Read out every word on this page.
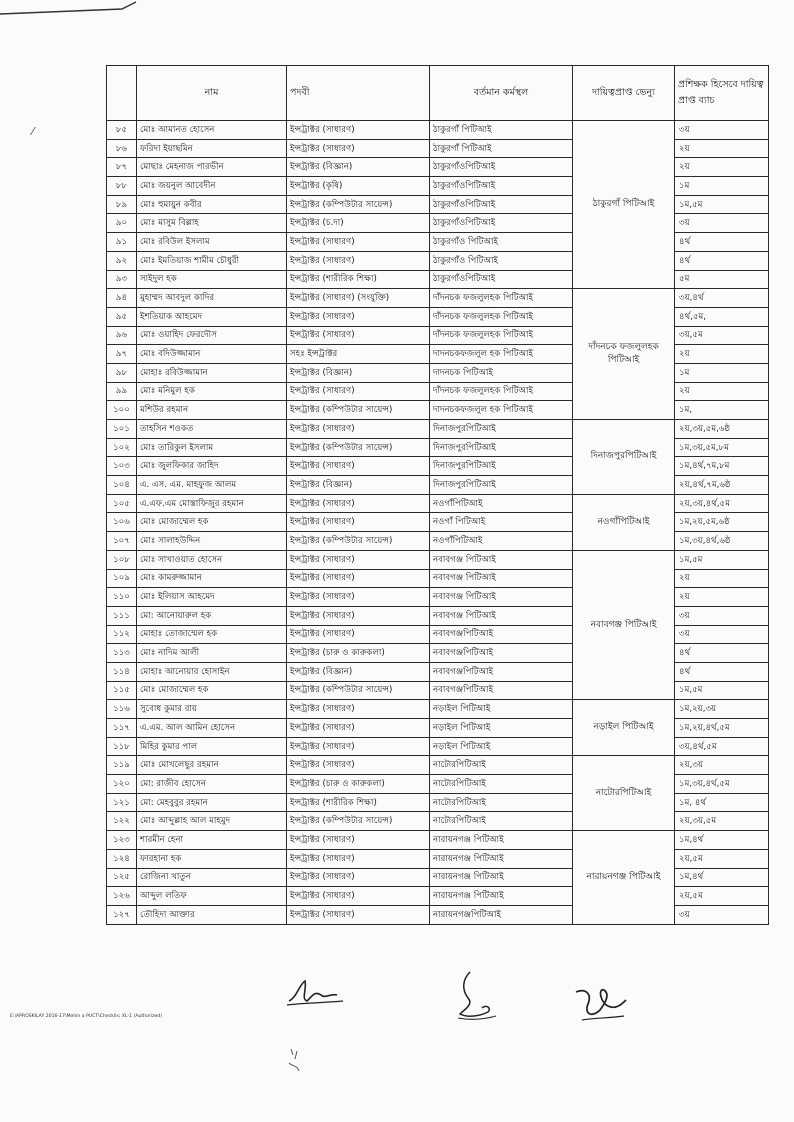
⁄
	নাম	পদবী	বর্তমান কর্মস্থল	দায়িত্বপ্রাপ্ত ভেন্যু	প্রশিক্ষক হিসেবে দায়িত্ব প্রাপ্ত ব্যাচ
৮৫	মোঃ আমানত হোসেন	ইন্সট্রাক্টর (সাধারণ)	ঠাকুরগাঁ পিটিআই	ঠাকুরগাঁ পিটিআই	৩য়
৮৬	ফরিদা ইয়াছমিন	ইন্সট্রাক্টর (সাধারণ)	ঠাকুরগাঁ পিটিআই		২য়
৮৭	মোছাঃ মেহনাজ পারভীন	ইন্সট্রাক্টর (বিজ্ঞান)	ঠাকুরগাঁওপিটিআই		২য়
৮৮	মোঃ জয়নুল আবেদীন	ইন্সট্রাক্টর (কৃষি)	ঠাকুরগাঁওপিটিআই		১ম
৮৯	মোঃ হুমায়ুন কবীর	ইন্সট্রাক্টর (কম্পিউটার সায়েন্স)	ঠাকুরগাঁওপিটিআই		১ম,৫ম
৯০	মোঃ মাসুম বিল্লাহ	ইন্সট্রাক্টর (চ.দা)	ঠাকুরগাঁওপিটিআই		৩য়
৯১	মোঃ রবিউল ইসলাম	ইন্সট্রাক্টর (সাধারণ)	ঠাকুরগাঁও পিটিআই		৪র্থ
৯২	মোঃ ইমতিয়াজ শামীম চৌধুরী	ইন্সট্রাক্টর (সাধারণ)	ঠাকুরগাঁও পিটিআই		৪র্থ
৯৩	সাইদুল হক	ইন্সট্রাক্টর (শারীরিক শিক্ষা)	ঠাকুরগাঁওপিটিআই		৫ম
৯৪	মুহাম্মদ আবদুল কাদির	ইন্সট্রাক্টর (সাধারণ) (সংযুক্তি)	দাঁদনচক ফজলুলহক পিটিআই	দাঁদনচক ফজলুলহক পিটিআই	৩য়,৪র্থ
৯৫	ইশতিয়াক আহমেদ	ইন্সট্রাক্টর (সাধারণ)	দাঁদনচক ফজলুলহক পিটিআই		৪র্থ,৫ম,
৯৬	মোঃ ওয়াহিদ ফেরদৌস	ইন্সট্রাক্টর (সাধারণ)	দাঁদনচক ফজলুলহক পিটিআই		৩য়,৫ম
৯৭	মোঃ বদিউজ্জামান	সহঃ ইন্সট্রাক্টর	দাদনচকফজলুল হক পিটিআই		২য়
৯৮	মোহাঃ রবিউজ্জামান	ইন্সট্রাক্টর (বিজ্ঞান)	দাদনচক পিটিআই		১ম
৯৯	মোঃ মনিমুল হক	ইন্সট্রাক্টর (সাধারণ)	দাঁদনচক ফজলুলহক পিটিআই		২য়
১০০	মশিউর রহমান	ইন্সট্রাক্টর (কম্পিউটার সায়েন্স)	দাদনচকফজলুল হক পিটিআই		১ম,
১০১	তাহসিন শওকত	ইন্সট্রাক্টর (সাধারণ)	দিনাজপুরপিটিআই	দিনাজপুরপিটিআই	২য়,৩য়,৫ম,৬ষ্ঠ
১০২	মোঃ তারিকুল ইসলাম	ইন্সট্রাক্টর (কম্পিউটার সায়েন্স)	দিনাজপুরপিটিআই		১ম,৩য়,৫ম,৮ম
১০৩	মোঃ জুলফিকার জাহিদ	ইন্সট্রাক্টর (সাধারণ)	দিনাজপুরপিটিআই		১ম,৪র্থ,৭ম,৮ম
১০৪	এ. এস. এম. মাহফুজ আলম	ইন্সট্রাক্টর (বিজ্ঞান)	দিনাজপুরপিটিআই		২য়,৪র্থ,৭ম,৬ষ্ঠ
১০৫	এ.এফ.এম মোস্তাফিজুর রহমান	ইন্সট্রাক্টর (সাধারণ)	নওগাঁপিটিআই	নওগাঁপিটিআই	২য়,৩য়,৪র্থ,৫ম
১০৬	মোঃ মোজাম্মেল হক	ইন্সট্রাক্টর (সাধারণ)	নওগাঁ পিটিআই		১ম,২য়,৫ম,৬ষ্ঠ
১০৭	মোঃ সালাহউদ্দিন	ইন্সট্রাক্টর (কম্পিউটার সায়েন্স)	নওগাঁপিটিআই		১ম,৩য়,৪র্থ,৬ষ্ঠ
১০৮	মোঃ সাখাওয়াত হোসেন	ইন্সট্রাক্টর (সাধারণ)	নবাবগঞ্জ পিটিআই	নবাবগঞ্জ পিটিআই	১ম,৫ম
১০৯	মোঃ কামরুজ্জামান	ইন্সট্রাক্টর (সাধারণ)	নবাবগঞ্জ পিটিআই		২য়
১১০	মোঃ ইলিয়াস আহমেদ	ইন্সট্রাক্টর (সাধারণ)	নবাবগঞ্জ পিটিআই		২য়
১১১	মো: আনোয়ারুল হক	ইন্সট্রাক্টর (সাধারণ)	নবাবগঞ্জ পিটিআই		৩য়
১১২	মোহাঃ তোজাম্মেল হক	ইন্সট্রাক্টর (সাধারণ)	নবাবগঞ্জপিটিআই		৩য়
১১৩	মোঃ নাদিম আলী	ইন্সট্রাক্টর (চারু ও কারুকলা)	নবাবগঞ্জপিটিআই		৪র্থ
১১৪	মোহাঃ আনোয়ার হোসাইন	ইন্সট্রাক্টর (বিজ্ঞান)	নবাবগঞ্জপিটিআই		৪র্থ
১১৫	মোঃ মোজাম্মেল হক	ইন্সট্রাক্টর (কম্পিউটার সায়েন্স)	নবাবগঞ্জপিটিআই		১ম,৫ম
১১৬	সুবোধ কুমার রায়	ইন্সট্রাক্টর (সাধারণ)	নড়াইল পিটিআই	নড়াইল পিটিআই	১ম,২য়,৩য়
১১৭	এ.এম. আল আমিন হোসেন	ইন্সট্রাক্টর (সাধারণ)	নড়াইল পিটিআই		১ম,২য়,৪র্থ,৫ম
১১৮	মিহির কুমার পাল	ইন্সট্রাক্টর (সাধারণ)	নড়াইল পিটিআই		৩য়,৪র্থ,৫ম
১১৯	মোঃ মোখলেছুর রহমান	ইন্সট্রাক্টর (সাধারণ)	নাটোরপিটিআই	নাটোরপিটিআই	২য়,৩য়
১২০	মো: রাজীব হোসেন	ইন্সট্রাক্টর (চারু ও কারুকলা)	নাটোরপিটিআই		১ম,৩য়,৪র্থ,৫ম
১২১	মো: মেহবুবুর রহমান	ইন্সট্রাক্টর (শারীরিক শিক্ষা)	নাটোরপিটিআই		১ম, ৪র্থ
১২২	মোঃ আব্দুল্লাহ আল মাহমুদ	ইন্সট্রাক্টর (কম্পিউটার সায়েন্স)	নাটোরপিটিআই		২য়,৩য়,৫ম
১২৩	শারমীন হেনা	ইন্সট্রাক্টর (সাধারণ)	নারায়নগঞ্জ পিটিআই	নারায়নগঞ্জ পিটিআই	১ম,৪র্থ
১২৪	ফারহানা হক	ইন্সট্রাক্টর (সাধারণ)	নারায়নগঞ্জ পিটিআই		২য়,৫ম
১২৫	রোজিনা খাতুন	ইন্সট্রাক্টর (সাধারণ)	নারায়নগঞ্জ পিটিআই		১ম,৪র্থ
১২৬	আব্দুল লতিফ	ইন্সট্রাক্টর (সাধারণ)	নারায়নগঞ্জ পিটিআই		২য়,৫ম
১২৭	তৌহিদা আক্তার	ইন্সট্রাক্টর (সাধারণ)	নারায়নগঞ্জপিটিআই		৩য়
E:\APROSKILAY 2016-17\Mehin a PUCT\Checklis; XL-1 (Authorized)
